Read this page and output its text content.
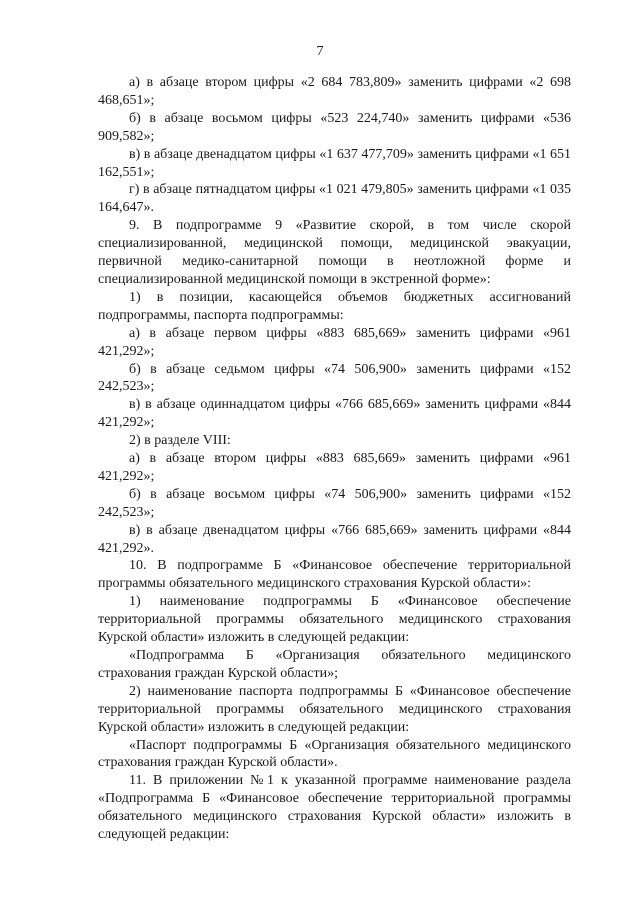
7

а) в абзаце втором цифры «2 684 783,809» заменить цифрами «2 698 468,651»;

б) в абзаце восьмом цифры «523 224,740» заменить цифрами «536 909,582»;

в) в абзаце двенадцатом цифры «1 637 477,709» заменить цифрами «1 651 162,551»;

г) в абзаце пятнадцатом цифры «1 021 479,805» заменить цифрами «1 035 164,647».

9. В подпрограмме 9 «Развитие скорой, в том числе скорой специализированной, медицинской помощи, медицинской эвакуации, первичной медико-санитарной помощи в неотложной форме и специализированной медицинской помощи в экстренной форме»:

1) в позиции, касающейся объемов бюджетных ассигнований подпрограммы, паспорта подпрограммы:

а) в абзаце первом цифры «883 685,669» заменить цифрами «961 421,292»;

б) в абзаце седьмом цифры «74 506,900» заменить цифрами «152 242,523»;

в) в абзаце одиннадцатом цифры «766 685,669» заменить цифрами «844 421,292»;

2) в разделе VIII:

а) в абзаце втором цифры «883 685,669» заменить цифрами «961 421,292»;

б) в абзаце восьмом цифры «74 506,900» заменить цифрами «152 242,523»;

в) в абзаце двенадцатом цифры «766 685,669» заменить цифрами «844 421,292».

10. В подпрограмме Б «Финансовое обеспечение территориальной программы обязательного медицинского страхования Курской области»:

1) наименование подпрограммы Б «Финансовое обеспечение территориальной программы обязательного медицинского страхования Курской области» изложить в следующей редакции:

«Подпрограмма Б «Организация обязательного медицинского страхования граждан Курской области»;

2) наименование паспорта подпрограммы Б «Финансовое обеспечение территориальной программы обязательного медицинского страхования Курской области» изложить в следующей редакции:

«Паспорт подпрограммы Б «Организация обязательного медицинского страхования граждан Курской области».

11. В приложении №1 к указанной программе наименование раздела «Подпрограмма Б «Финансовое обеспечение территориальной программы обязательного медицинского страхования Курской области» изложить в следующей редакции:
